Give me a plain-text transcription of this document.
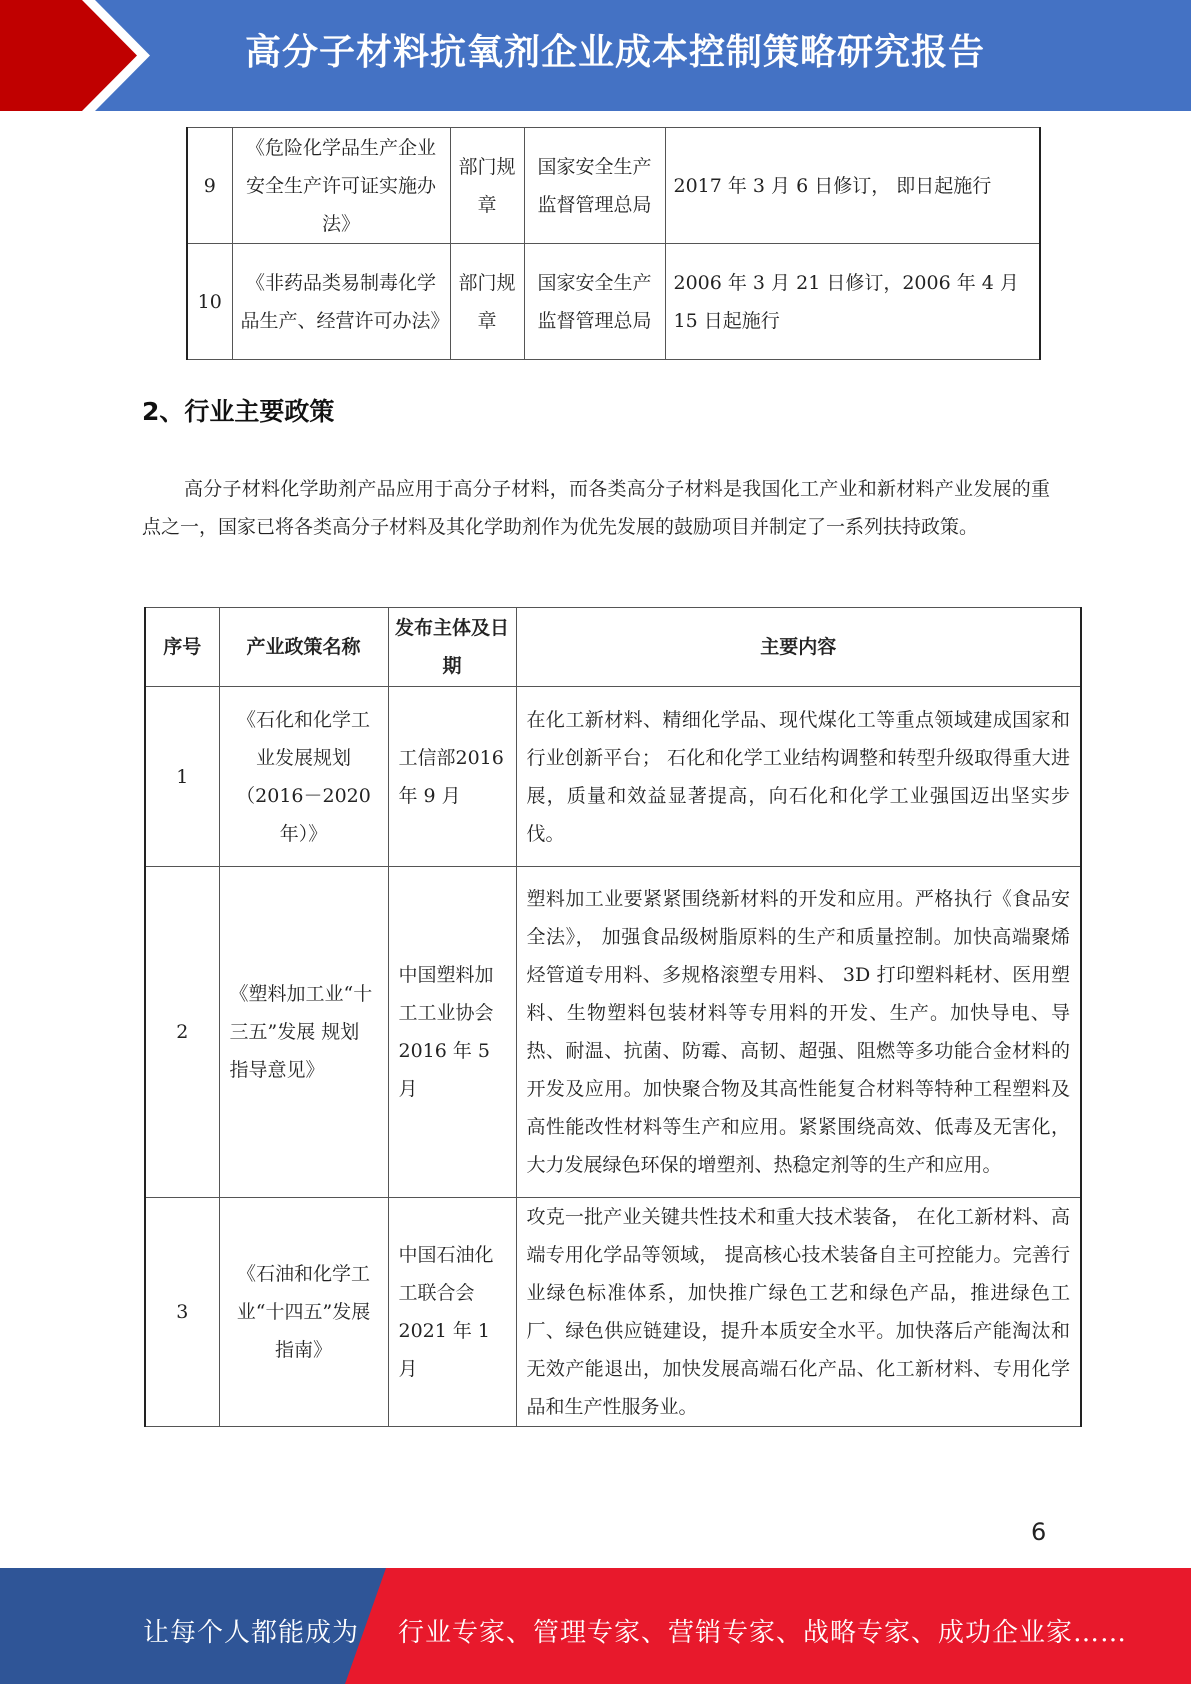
高分子材料抗氧剂企业成本控制策略研究报告
9	《危险化学品生产企业安全生产许可证实施办法》	部门规章	国家安全生产监督管理总局	2017 年 3 月 6 日修订， 即日起施行
10	《非药品类易制毒化学品生产、经营许可办法》	部门规章	国家安全生产监督管理总局	2006 年 3 月 21 日修订，2006 年 4 月 15 日起施行
2、行业主要政策
高分子材料化学助剂产品应用于高分子材料，而各类高分子材料是我国化工产业和新材料产业发展的重点之一，国家已将各类高分子材料及其化学助剂作为优先发展的鼓励项目并制定了一系列扶持政策。
序号	产业政策名称	发布主体及日期	主要内容
1	《石化和化学工业发展规划（2016－2020年）》	工信部2016 年 9 月	在化工新材料、精细化学品、现代煤化工等重点领域建成国家和行业创新平台； 石化和化学工业结构调整和转型升级取得重大进展，质量和效益显著提高，向石化和化学工业强国迈出坚实步伐。
2	《塑料加工业“十三五”发展 规划指导意见》	中国塑料加工工业协会2016 年 5 月	塑料加工业要紧紧围绕新材料的开发和应用。严格执行《食品安全法》， 加强食品级树脂原料的生产和质量控制。加快高端聚烯烃管道专用料、多规格滚塑专用料、 3D 打印塑料耗材、医用塑料、生物塑料包装材料等专用料的开发、生产。加快导电、导热、耐温、抗菌、防霉、高韧、超强、阻燃等多功能合金材料的开发及应用。加快聚合物及其高性能复合材料等特种工程塑料及高性能改性材料等生产和应用。紧紧围绕高效、低毒及无害化，大力发展绿色环保的增塑剂、热稳定剂等的生产和应用。
3	《石油和化学工业“十四五”发展指南》	中国石油化工联合会2021 年 1 月	攻克一批产业关键共性技术和重大技术装备， 在化工新材料、高端专用化学品等领域， 提高核心技术装备自主可控能力。完善行业绿色标准体系，加快推广绿色工艺和绿色产品，推进绿色工厂、绿色供应链建设，提升本质安全水平。加快落后产能淘汰和无效产能退出，加快发展高端石化产品、化工新材料、专用化学品和生产性服务业。
6
让每个人都能成为 行业专家、管理专家、营销专家、战略专家、成功企业家……
